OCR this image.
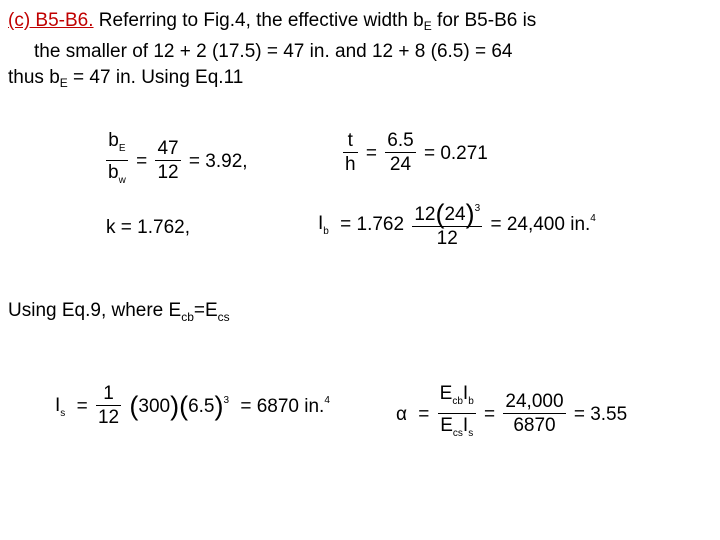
(c) B5-B6. Referring to Fig.4, the effective width $b_E$ for B5-B6 is
the smaller of 12 + 2 (17.5) = 47 in. and 12 + 8 (6.5) = 64
thus $b_E = 47$ in. Using Eq.11
$\frac{b_E}{b_w} = \frac{47}{12} = 3.92$,	$\frac{t}{h} = \frac{6.5}{24} = 0.271$
k = 1.762,	$I_b = 1.762 \frac{12(24)^3}{12} = 24,400$ in.$^4$
Using Eq.9, where $E_{cb}=E_{cs}$
$I_s = \frac{1}{12} (300)(6.5)^3 = 6870$ in.$^4$
$\alpha = \frac{E_{cb}I_b}{E_{cs}I_s} = \frac{24,000}{6870} = 3.55$
